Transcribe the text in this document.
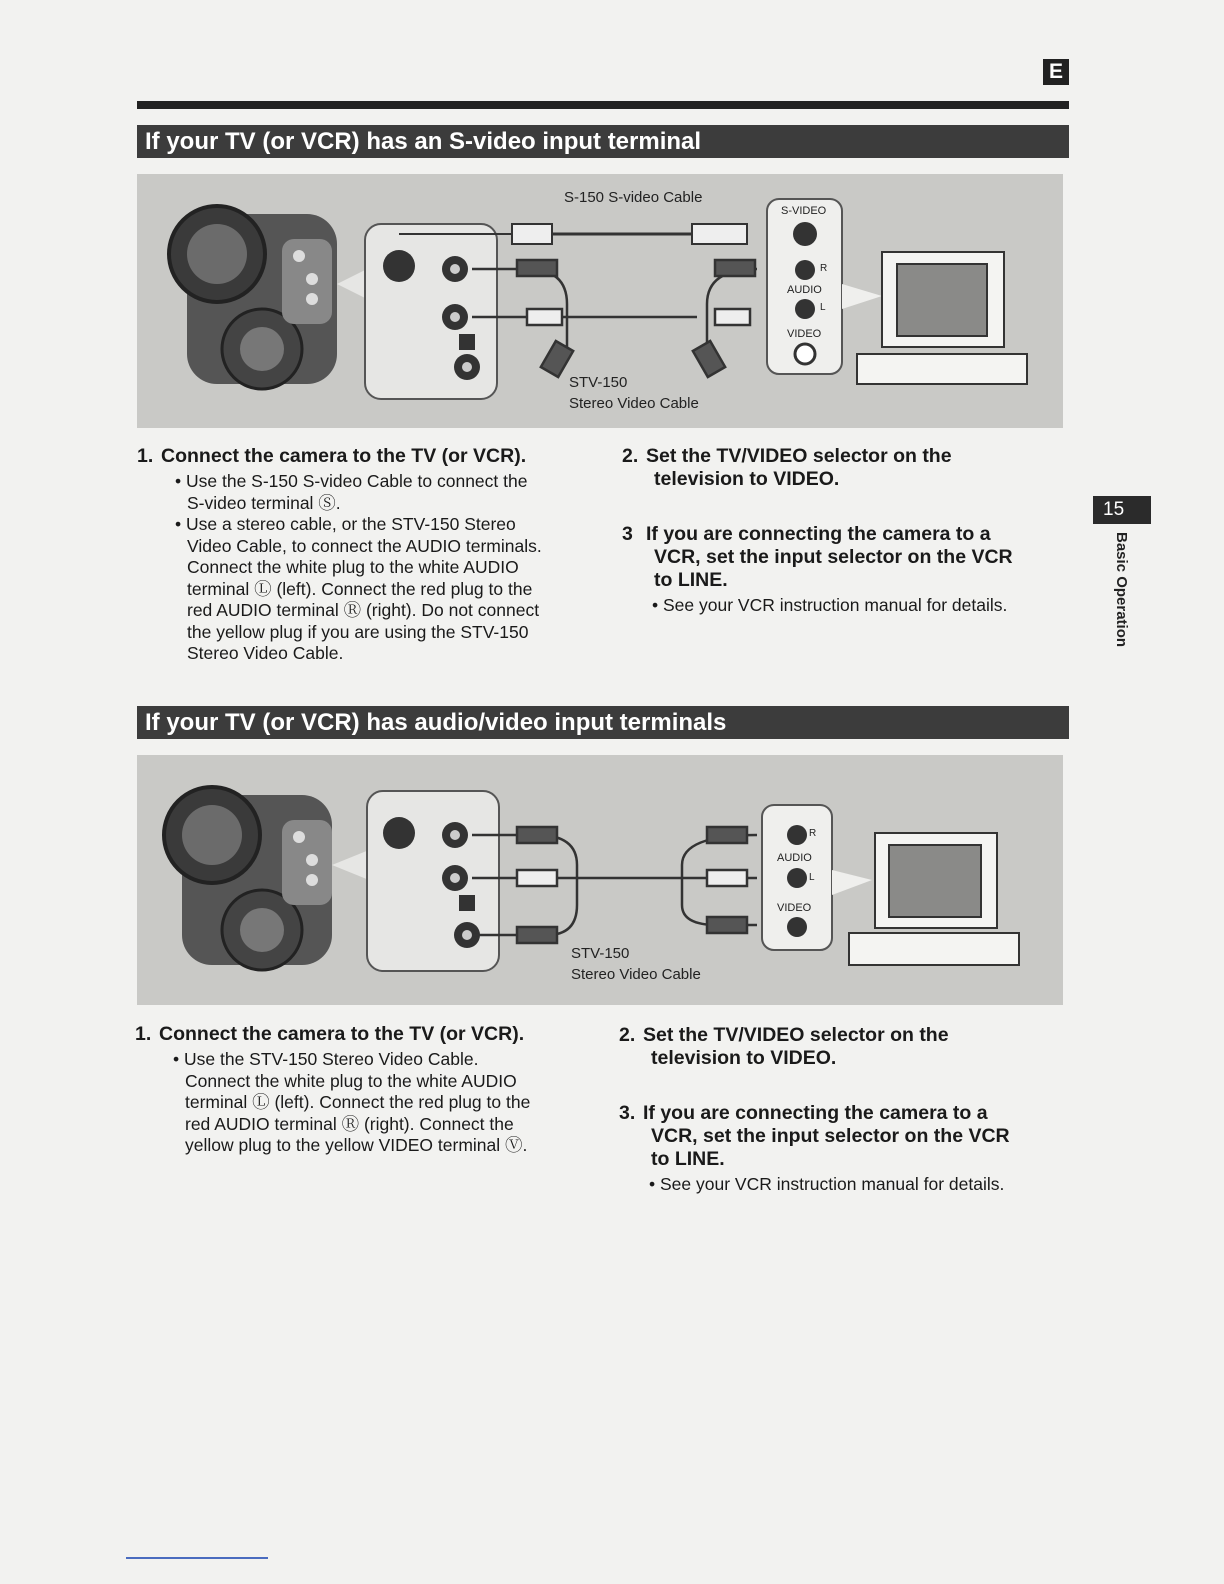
E
If your TV (or VCR) has an S-video input terminal
S-150 S-video Cable
S-VIDEO
R
AUDIO
L
VIDEO
STV-150
Stereo Video Cable

1. Connect the camera to the TV (or VCR).

• Use the S-150 S-video Cable to connect the
S-video terminal Ⓢ.

• Use a stereo cable, or the STV-150 Stereo
Video Cable, to connect the AUDIO terminals.
Connect the white plug to the white AUDIO
terminal Ⓛ (left). Connect the red plug to the
red AUDIO terminal Ⓡ (right). Do not connect
the yellow plug if you are using the STV-150
Stereo Video Cable.

2. Set the TV/VIDEO selector on the
television to VIDEO.

3 If you are connecting the camera to a
VCR, set the input selector on the VCR
to LINE.

• See your VCR instruction manual for details.

15
Basic Operation
If your TV (or VCR) has audio/video input terminals
R
AUDIO
L
VIDEO
STV-150
Stereo Video Cable

1. Connect the camera to the TV (or VCR).

• Use the STV-150 Stereo Video Cable.
Connect the white plug to the white AUDIO
terminal Ⓛ (left). Connect the red plug to the
red AUDIO terminal Ⓡ (right). Connect the
yellow plug to the yellow VIDEO terminal Ⓥ.

2. Set the TV/VIDEO selector on the
television to VIDEO.

3. If you are connecting the camera to a
VCR, set the input selector on the VCR
to LINE.

• See your VCR instruction manual for details.
